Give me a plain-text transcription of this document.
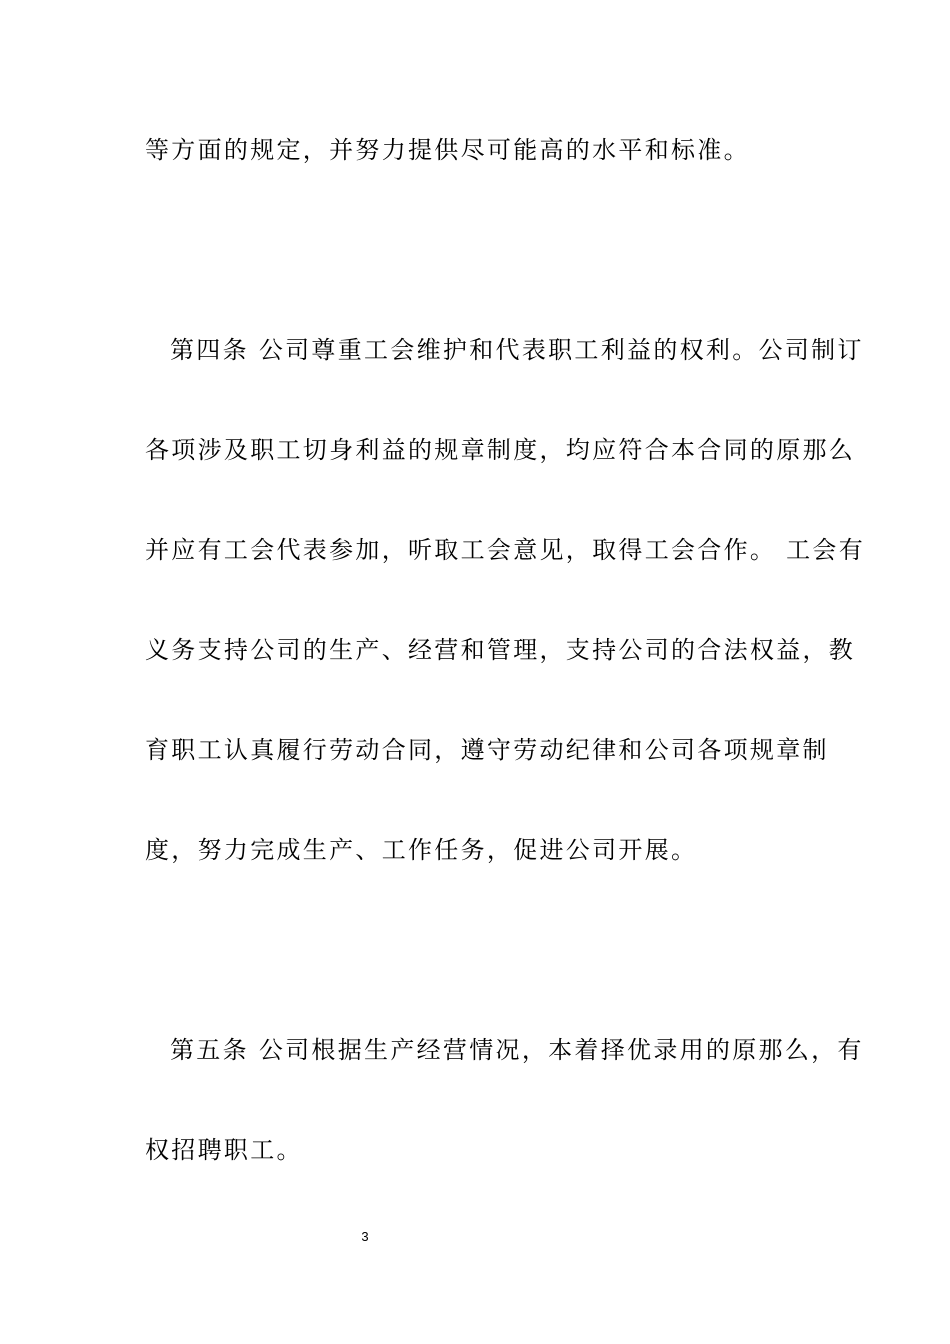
等方面的规定，并努力提供尽可能高的水平和标准。
第四条 公司尊重工会维护和代表职工利益的权利。公司制订
各项涉及职工切身利益的规章制度，均应符合本合同的原那么
并应有工会代表参加，听取工会意见，取得工会合作。 工会有
义务支持公司的生产、经营和管理，支持公司的合法权益，教
育职工认真履行劳动合同，遵守劳动纪律和公司各项规章制
度，努力完成生产、工作任务，促进公司开展。
第五条 公司根据生产经营情况，本着择优录用的原那么，有
权招聘职工。
3
